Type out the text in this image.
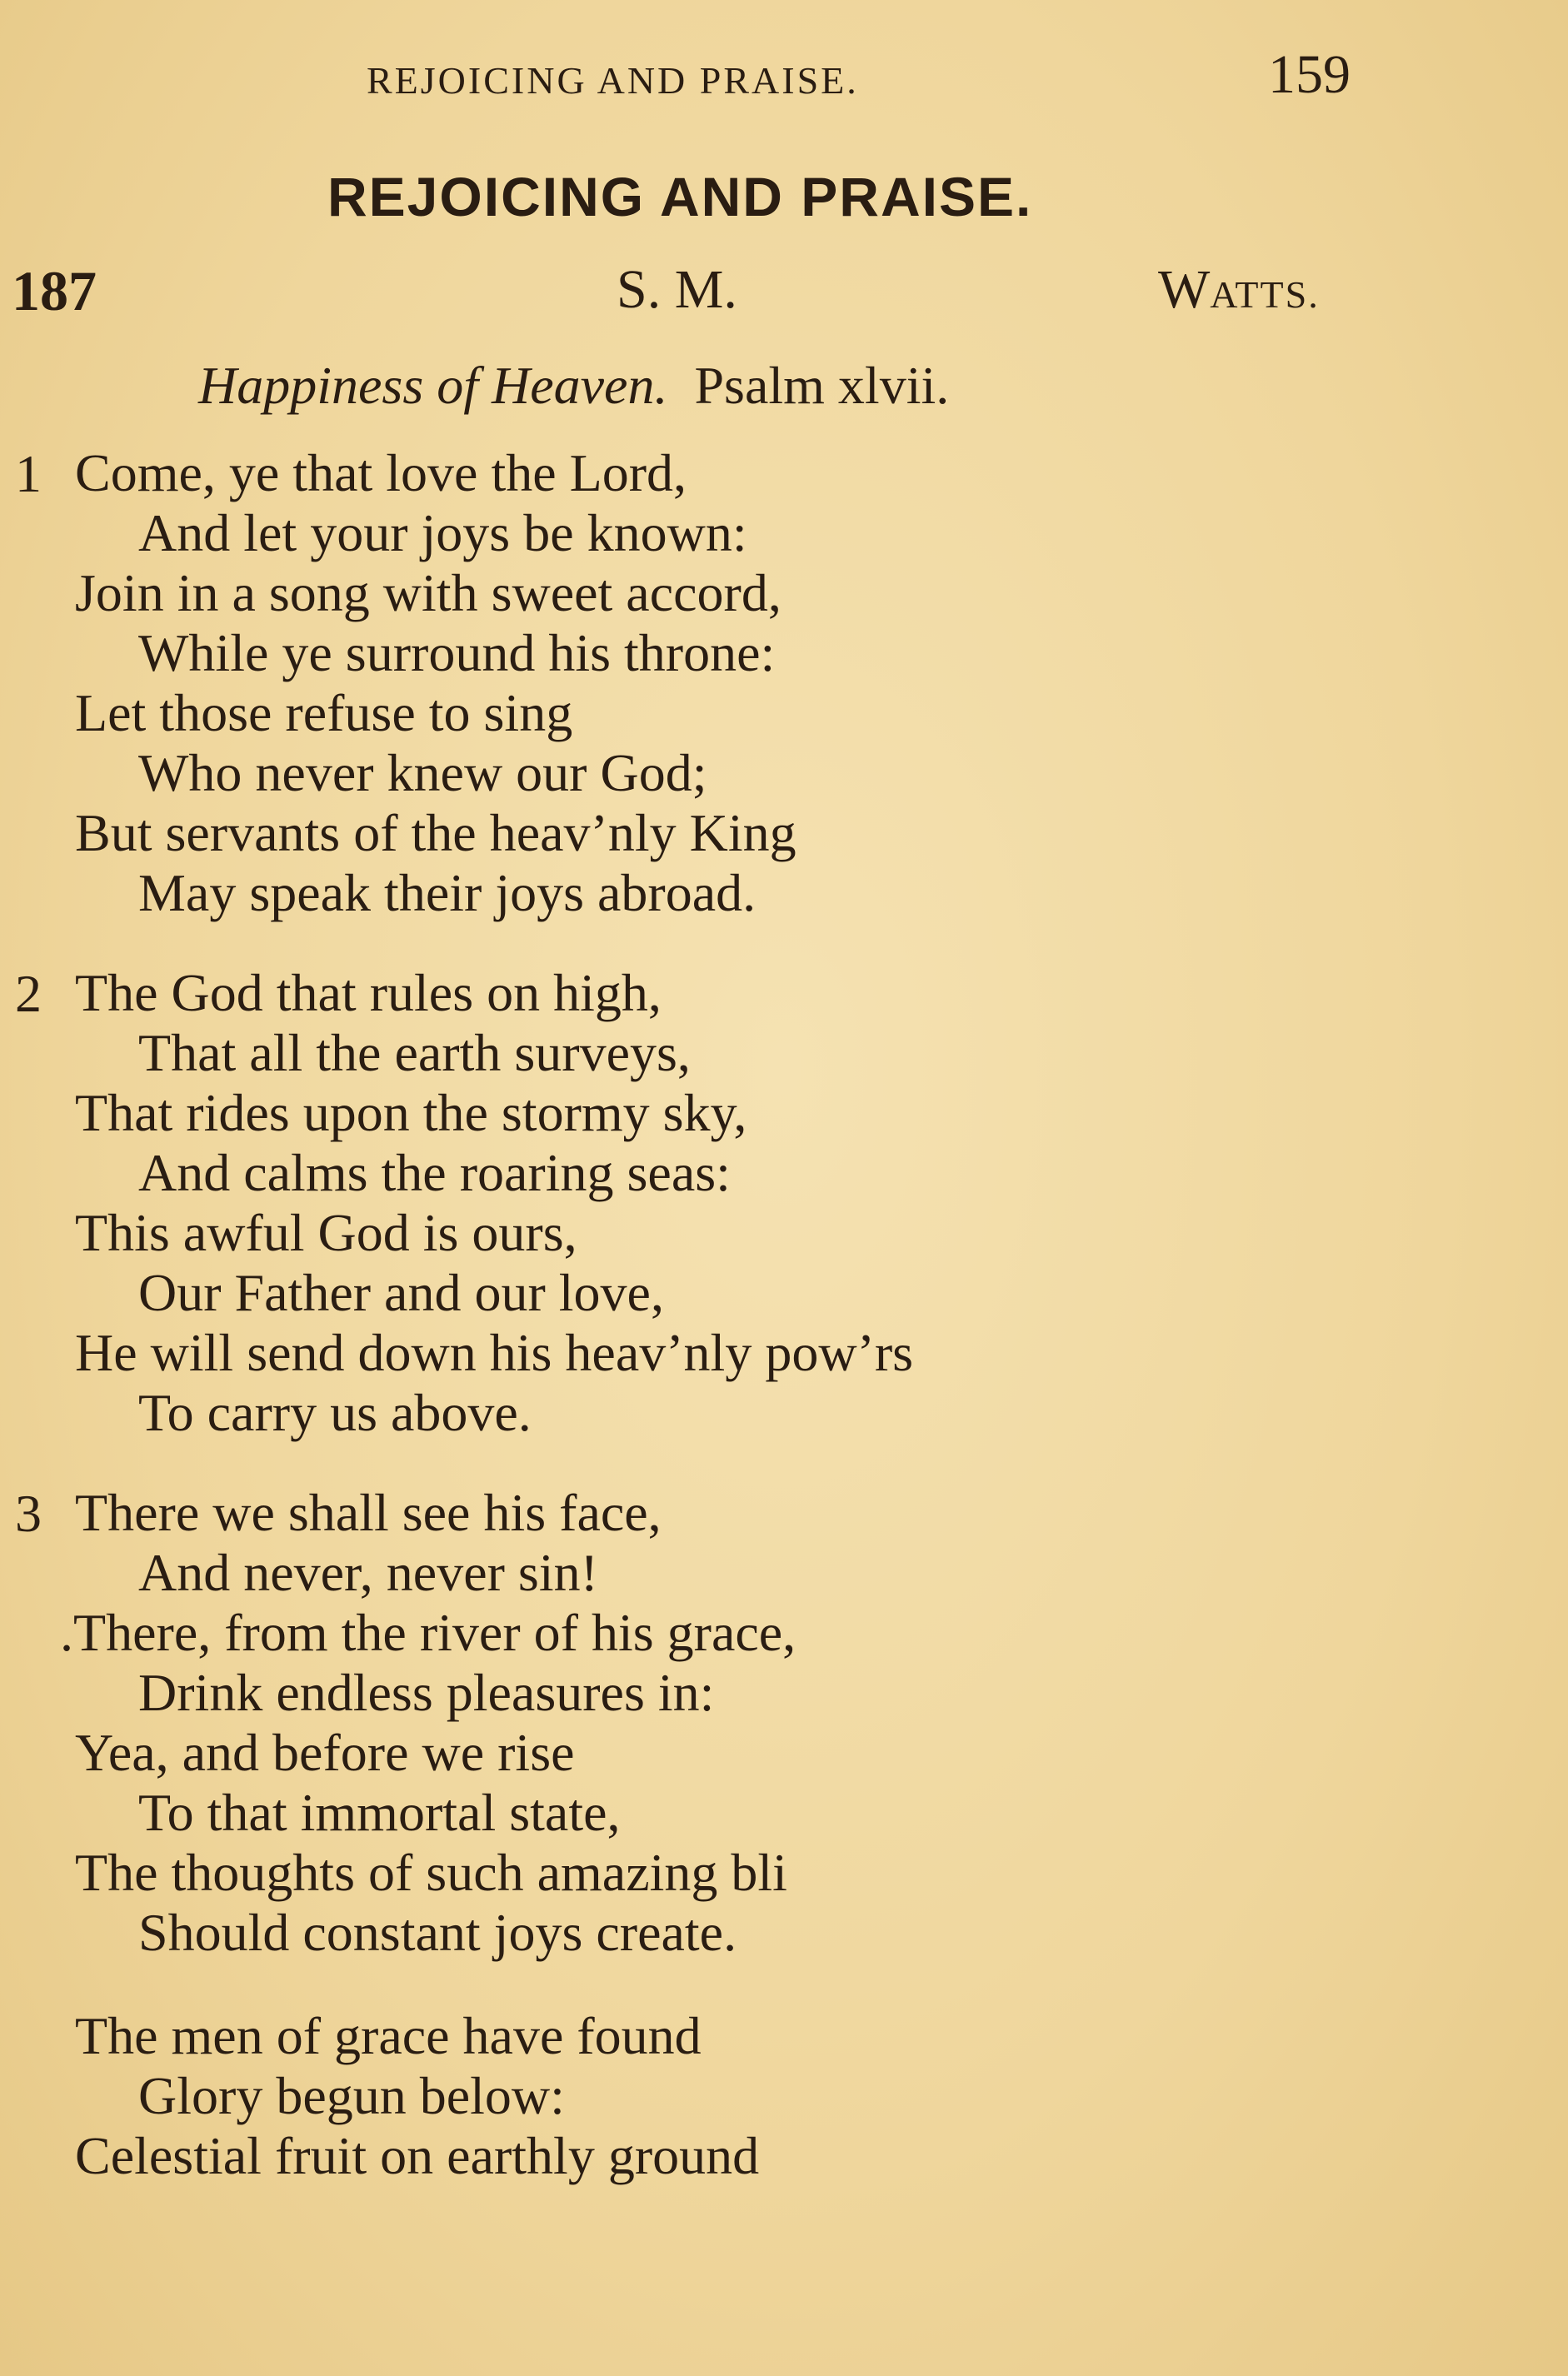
REJOICING AND PRAISE.	159
REJOICING AND PRAISE.
187	S. M.	WATTS.
Happiness of Heaven. Psalm xlvii.
1 Come, ye that love the Lord,
And let your joys be known:
Join in a song with sweet accord,
While ye surround his throne:
Let those refuse to sing
Who never knew our God;
But servants of the heav’nly King
May speak their joys abroad.
2 The God that rules on high,
That all the earth surveys,
That rides upon the stormy sky,
And calms the roaring seas:
This awful God is ours,
Our Father and our love,
He will send down his heav’nly pow’rs
To carry us above.
3 There we shall see his face,
And never, never sin!
.There, from the river of his grace,
Drink endless pleasures in:
Yea, and before we rise
To that immortal state,
The thoughts of such amazing bli
Should constant joys create.
The men of grace have found
Glory begun below:
Celestial fruit on earthly ground
